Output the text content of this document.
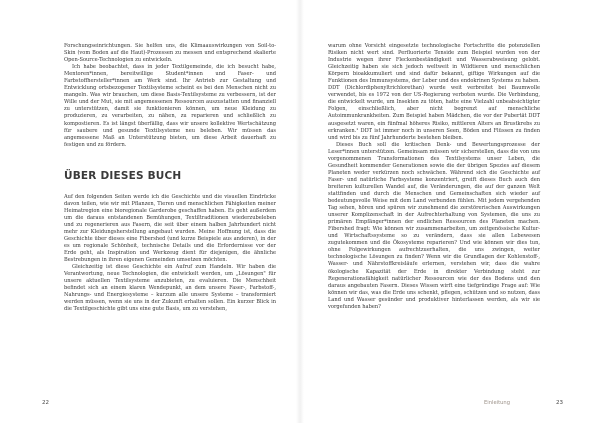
Forschungseinrichtungen. Sie helfen uns, die Klimaauswirkungen von Soil-to-Skin (vom Boden auf die Haut)-Prozessen zu messen und entsprechend skalierte Open-Source-Technologien zu entwickeln.

Ich habe beobachtet, dass in jeder Textilgemeinde, die ich besucht habe, Mentoren*innen, bereitwillige Student*innen und Faser- und Farbstoffhersteller*innen am Werk sind. Ihr Antrieb zur Gestaltung und Entwicklung ortsbezogener Textilsysteme scheint es bei den Menschen nicht zu mangeln. Was wir brauchen, um diese Basis-Textilsysteme zu verbessern, ist der Wille und der Mut, sie mit angemessenen Ressourcen auszustatten und finanziell zu unterstützen, damit sie funktionieren können, um neue Kleidung zu produzieren, zu verarbeiten, zu nähen, zu reparieren und schließlich zu kompostieren. Es ist längst überfällig, dass wir unsere kollektive Wertschätzung für saubere und gesunde Textilsysteme neu beleben. Wir müssen das angemessene Maß an Unterstützung bieten, um diese Arbeit dauerhaft zu festigen und zu fördern.

ÜBER DIESES BUCH

Auf den folgenden Seiten werde ich die Geschichte und die visuellen Eindrücke davon teilen, wie wir mit Pflanzen, Tieren und menschlichen Fähigkeiten meiner Heimatregion eine bioregionale Garderobe geschaffen haben. Es geht außerdem um die daraus entstandenen Bemühungen, Textiltraditionen wiederzubeleben und zu regenerieren aus Fasern, die seit über einem halben Jahrhundert nicht mehr zur Kleidungsherstellung angebaut wurden. Meine Hoffnung ist, dass die Geschichte über dieses eine Fibershed (und kurze Beispiele aus anderen), in der es um regionale Schönheit, technische Details und die Erfordernisse vor der Erde geht, als Inspiration und Werkzeug dient für diejenigen, die ähnliche Bestrebungen in ihren eigenen Gemeinden umsetzen möchten.

Gleichzeitig ist diese Geschichte ein Aufruf zum Handeln. Wir haben die Verantwortung, neue Technologien, die entwickelt werden, um „Lösungen" für unsere aktuellen Textilsysteme anzubieten, zu evaluieren. Die Menschheit befindet sich an einem klaren Wendepunkt, an dem unsere Faser-, Farbstoff-, Nahrungs- und Energiesysteme – kurzum alle unsere Systeme – transformiert werden müssen, wenn sie uns in der Zukunft erhalten sollen. Ein kurzer Blick in die Textilgeschichte gibt uns eine gute Basis, um zu verstehen,

warum ohne Vorsicht eingesetzte technologische Fortschritte die potenziellen Risiken nicht wert sind. Perfluorierte Tenside zum Beispiel wurden von der Industrie wegen ihrer Fleckenbeständigkeit und Wasserabweisung gelobt. Gleichzeitig haben sie sich jedoch weltweit in Wildtieren und menschlichen Körpern bioakkumuliert und sind dafür bekannt, giftige Wirkungen auf die Funktionen des Immunsystems, der Leber und des endokrinen Systems zu haben. DDT (Dichlordiphenyltrichlorethan) wurde weit verbreitet bei Baumwolle verwendet, bis es 1972 von der US-Regierung verboten wurde. Die Verbindung, die entwickelt wurde, um Insekten zu töten, hatte eine Vielzahl unbeabsichtigter Folgen, einschließlich, aber nicht begrenzt auf menschliche Autoimmunkrankheiten. Zum Beispiel haben Mädchen, die vor der Pubertät DDT ausgesetzt waren, ein fünfmal höheres Risiko, mittleren Alters an Brustkrebs zu erkranken.¹ DDT ist immer noch in unseren Seen, Böden und Flüssen zu finden und wird bis zu fünf Jahrhunderte bestehen bleiben.

Dieses Buch soll die kritischen Denk- und Bewertungsprozesse der Leser*innen unterstützen. Gemeinsam müssen wir sicherstellen, dass die von uns vorgenommenen Transformationen des Textilsystems unser Leben, die Gesundheit kommender Generationen sowie die der übrigen Spezies auf diesem Planeten weder verkürzen noch schwächen. Während sich die Geschichte auf Faser- und natürliche Farbsysteme konzentriert, greift dieses Buch auch den breiteren kulturellen Wandel auf, die Veränderungen, die auf der ganzen Welt stattfinden und durch die Menschen und Gemeinschaften sich wieder auf bedeutungsvolle Weise mit dem Land verbunden fühlen. Mit jedem vergehenden Tag sehen, hören und spüren wir zunehmend die zerstörerischen Auswirkungen unserer Komplizenschaft in der Aufrechterhaltung von Systemen, die uns zu primären Empfänger*innen der endlichen Ressourcen des Planeten machen. Fibershed fragt: Wie können wir zusammenarbeiten, um zeitgenössische Kultur- und Wirtschaftssysteme so zu verändern, dass sie allen Lebewesen zugutekommen und die Ökosysteme reparieren? Und wie können wir dies tun, ohne Folgewirkungen aufrechtzuerhalten, die uns zwingen, weiter technologische Lösungen zu finden? Wenn wir die Grundlagen der Kohlenstoff-, Wasser- und Nährstoffkreisläufe erlernen, verstehen wir, dass die wahre ökologische Kapazität der Erde in direkter Verbindung steht zur Regenerationsfähigkeit natürlicher Ressourcen wie der des Bodens und den daraus angebauten Fasern. Dieses Wissen wirft eine tiefgründige Frage auf: Wie können wir das, was die Erde uns schenkt, pflegen, schützen und so nutzen, dass Land und Wasser gesünder und produktiver hinterlassen werden, als wir sie vorgefunden haben?

22	Einleitung	23
